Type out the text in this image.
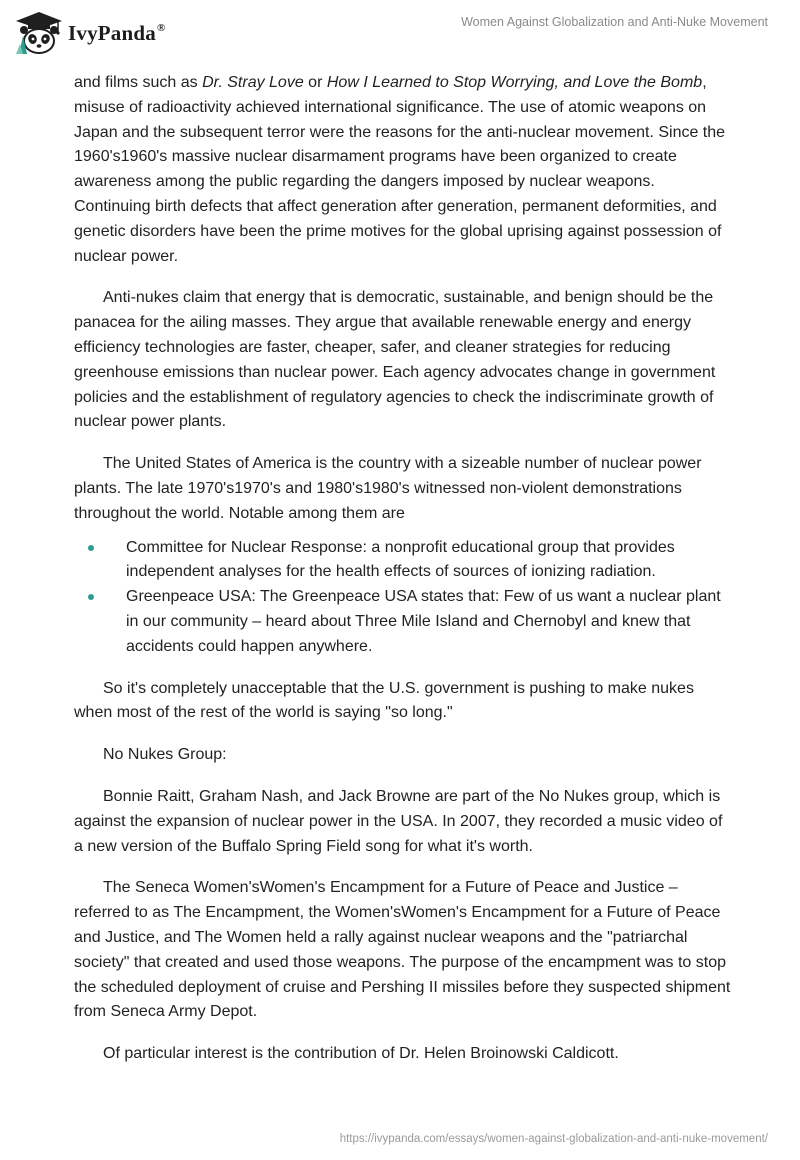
IvyPanda®	Women Against Globalization and Anti-Nuke Movement

and films such as Dr. Stray Love or How I Learned to Stop Worrying, and Love the Bomb, misuse of radioactivity achieved international significance. The use of atomic weapons on Japan and the subsequent terror were the reasons for the anti-nuclear movement. Since the 1960's1960's massive nuclear disarmament programs have been organized to create awareness among the public regarding the dangers imposed by nuclear weapons. Continuing birth defects that affect generation after generation, permanent deformities, and genetic disorders have been the prime motives for the global uprising against possession of nuclear power.

Anti-nukes claim that energy that is democratic, sustainable, and benign should be the panacea for the ailing masses. They argue that available renewable energy and energy efficiency technologies are faster, cheaper, safer, and cleaner strategies for reducing greenhouse emissions than nuclear power. Each agency advocates change in government policies and the establishment of regulatory agencies to check the indiscriminate growth of nuclear power plants.

The United States of America is the country with a sizeable number of nuclear power plants. The late 1970's1970's and 1980's1980's witnessed non-violent demonstrations throughout the world. Notable among them are

Committee for Nuclear Response: a nonprofit educational group that provides independent analyses for the health effects of sources of ionizing radiation.
Greenpeace USA: The Greenpeace USA states that: Few of us want a nuclear plant in our community – heard about Three Mile Island and Chernobyl and knew that accidents could happen anywhere.

So it's completely unacceptable that the U.S. government is pushing to make nukes when most of the rest of the world is saying "so long."

No Nukes Group:

Bonnie Raitt, Graham Nash, and Jack Browne are part of the No Nukes group, which is against the expansion of nuclear power in the USA. In 2007, they recorded a music video of a new version of the Buffalo Spring Field song for what it's worth.

The Seneca Women'sWomen's Encampment for a Future of Peace and Justice – referred to as The Encampment, the Women'sWomen's Encampment for a Future of Peace and Justice, and The Women held a rally against nuclear weapons and the "patriarchal society" that created and used those weapons. The purpose of the encampment was to stop the scheduled deployment of cruise and Pershing II missiles before they suspected shipment from Seneca Army Depot.

Of particular interest is the contribution of Dr. Helen Broinowski Caldicott.

https://ivypanda.com/essays/women-against-globalization-and-anti-nuke-movement/
